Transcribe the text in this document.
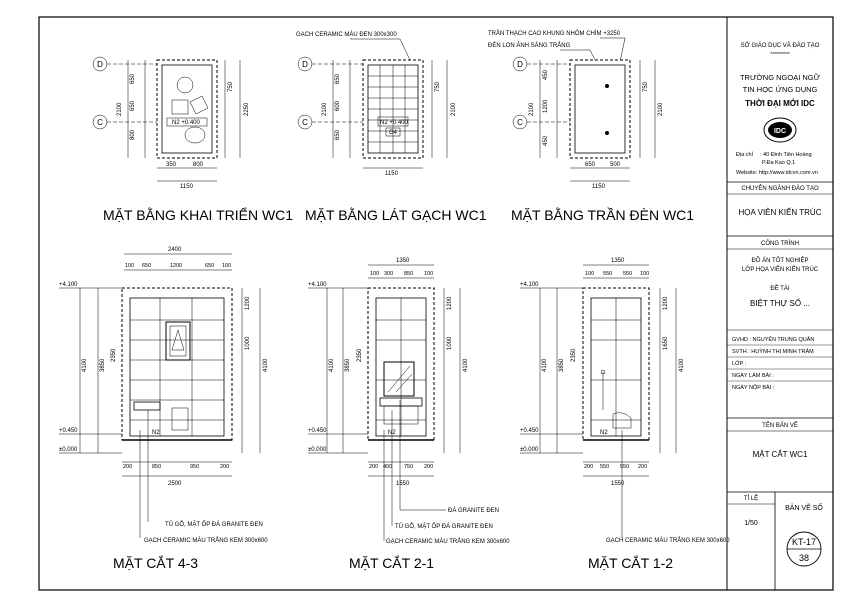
D
C
650
650
800
2100
750
2250
350	800
1150
N2 +0.400
MẶT BẰNG KHAI TRIỂN WC1
GẠCH CERAMIC MÀU ĐEN 300x300
N2 +0.400
G4
D
C
650
600
650
2100
750
2100
1150
MẶT BẰNG LÁT GẠCH WC1
TRẦN THẠCH CAO KHUNG NHÔM CHÌM +3250
ĐÈN LON ÁNH SÁNG TRẮNG
D
C
450
1200
450
2100
750
2100
650 500
1150
MẶT BẰNG TRẦN ĐÈN WC1
2400
100 650	1200	650 100
N2
+4.100
+0.450
±0.000
4100 3850
2350
1000
1200
4100
200	850	950	200
2500
TỦ GỖ, MẶT ỐP ĐÁ GRANITE ĐEN
GẠCH CERAMIC MÀU TRẮNG KEM 300x600
MẶT CẮT 4-3
1350
100 300 850 100
N2
+4.100
+0.450
±0.000
4100 3850
2350
1000
1200
4100
200 400 750 200
1550
ĐÁ GRANITE ĐEN
TỦ GỖ, MẶT ỐP ĐÁ GRANITE ĐEN
GẠCH CERAMIC MÀU TRẮNG KEM 300x600
MẶT CẮT 2-1
1350
100 550 550 100
N2
+4.100
+0.450
±0.000
4100 3850
2350
1650
1200
4100
200 550 550 200
1550
GẠCH CERAMIC MÀU TRẮNG KEM 300x600
MẶT CẮT 1-2
SỞ GIÁO DỤC VÀ ĐÀO TẠO
**********
TRƯỜNG NGOẠI NGỮ
TIN HỌC ỨNG DỤNG
THỜI ĐẠI MỚI IDC
IDC
Địa chỉ : 40 Đinh Tiên Hoàng
P.Đa Kao Q.1
Website: http://www.idcvn.com.vn
CHUYÊN NGÀNH ĐÀO TẠO
HỌA VIÊN KIẾN TRÚC
CÔNG TRÌNH
ĐỒ ÁN TỐT NGHIỆP
LỚP HỌA VIÊN KIẾN TRÚC
ĐỀ TÀI
BIỆT THỰ SỐ ...
GVHD : NGUYỄN TRUNG QUÂN
SVTH : HUỲNH THỊ MINH TRÂM
LỚP :
NGÀY LÀM BÀI :
NGÀY NỘP BÀI :
TÊN BẢN VẼ
MẶT CẮT WC1
TỈ LỆ
1/50
BẢN VẼ SỐ
KT-17
38
